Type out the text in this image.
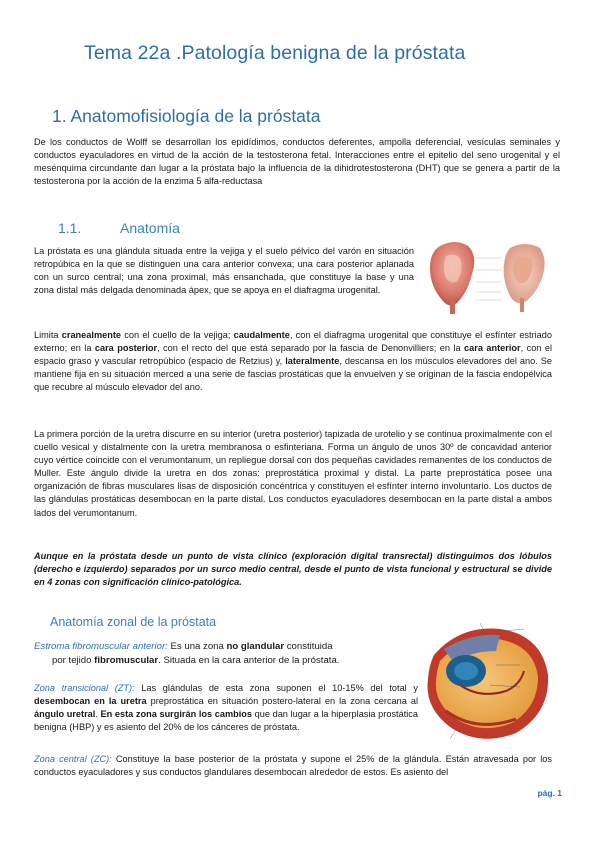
Tema 22a .Patología benigna de la próstata
1. Anatomofisiología de la próstata
De los conductos de Wolff se desarrollan los epidídimos, conductos deferentes, ampolla deferencial, vesículas seminales y conductos eyaculadores en virtud de la acción de la testosterona fetal. Interacciones entre el epitelio del seno urogenital y el mesénquima circundante dan lugar a la próstata bajo la influencia de la dihidrotestosterona (DHT) que se genera a partir de la testosterona por la acción de la enzima 5 alfa-reductasa
1.1.	Anatomía
La próstata es una glándula situada entre la vejiga y el suelo pélvico del varón en situación retropúbica en la que se distinguen una cara anterior convexa; una cara posterior aplanada con un surco central; una zona proximal, más ensanchada, que constituye la base y una zona distal más delgada denominada ápex, que se apoya en el diafragma urogenital.
Limita cranealmente con el cuello de la vejiga; caudalmente, con el diafragma urogenital que constituye el esfínter estriado externo; en la cara posterior, con el recto del que está separado por la fascia de Denonvilliers; en la cara anterior, con el espacio graso y vascular retropúbico (espacio de Retzius) y, lateralmente, descansa en los músculos elevadores del ano. Se mantiene fija en su situación merced a una serie de fascias prostáticas que la envuelven y se originan de la fascia endopélvica que recubre al músculo elevador del ano.
La primera porción de la uretra discurre en su interior (uretra posterior) tapizada de urotelio y se continua proximalmente con el cuello vesical y distalmente con la uretra membranosa o esfinteriana. Forma un ángulo de unos 30º de concavidad anterior cuyo vértice coincide con el verumontanum, un repliegue dorsal con dos pequeñas cavidades remanentes de los conductos de Muller. Este ángulo divide la uretra en dos zonas: preprostática proximal y distal. La parte preprostática posee una organización de fibras musculares lisas de disposición concéntrica y constituyen el esfínter interno involuntario. Los ductos de las glándulas prostáticas desembocan en la parte distal. Los conductos eyaculadores desembocan en la parte distal a ambos lados del verumontanum.
Aunque en la próstata desde un punto de vista clínico (exploración digital transrectal) distinguimos dos lóbulos (derecho e izquierdo) separados por un surco medio central, desde el punto de vista funcional y estructural se divide en 4 zonas con significación clínico-patológica.
Anatomía zonal de la próstata
Estroma fibromuscular anterior: Es una zona no glandular constituida
por tejido fibromuscular. Situada en la cara anterior de la próstata.
Zona transicional (ZT): Las glándulas de esta zona suponen el 10-15% del total y desembocan en la uretra preprostática en situación postero-lateral en la zona cercana al ángulo uretral. En esta zona surgirán los cambios que dan lugar a la hiperplasia prostática benigna (HBP) y es asiento del 20% de los cánceres de próstata.
Zona central (ZC): Constituye la base posterior de la próstata y supone el 25% de la glándula. Están atravesada por los conductos eyaculadores y sus conductos glandulares desembocan alrededor de estos. Es asiento del
pág. 1
